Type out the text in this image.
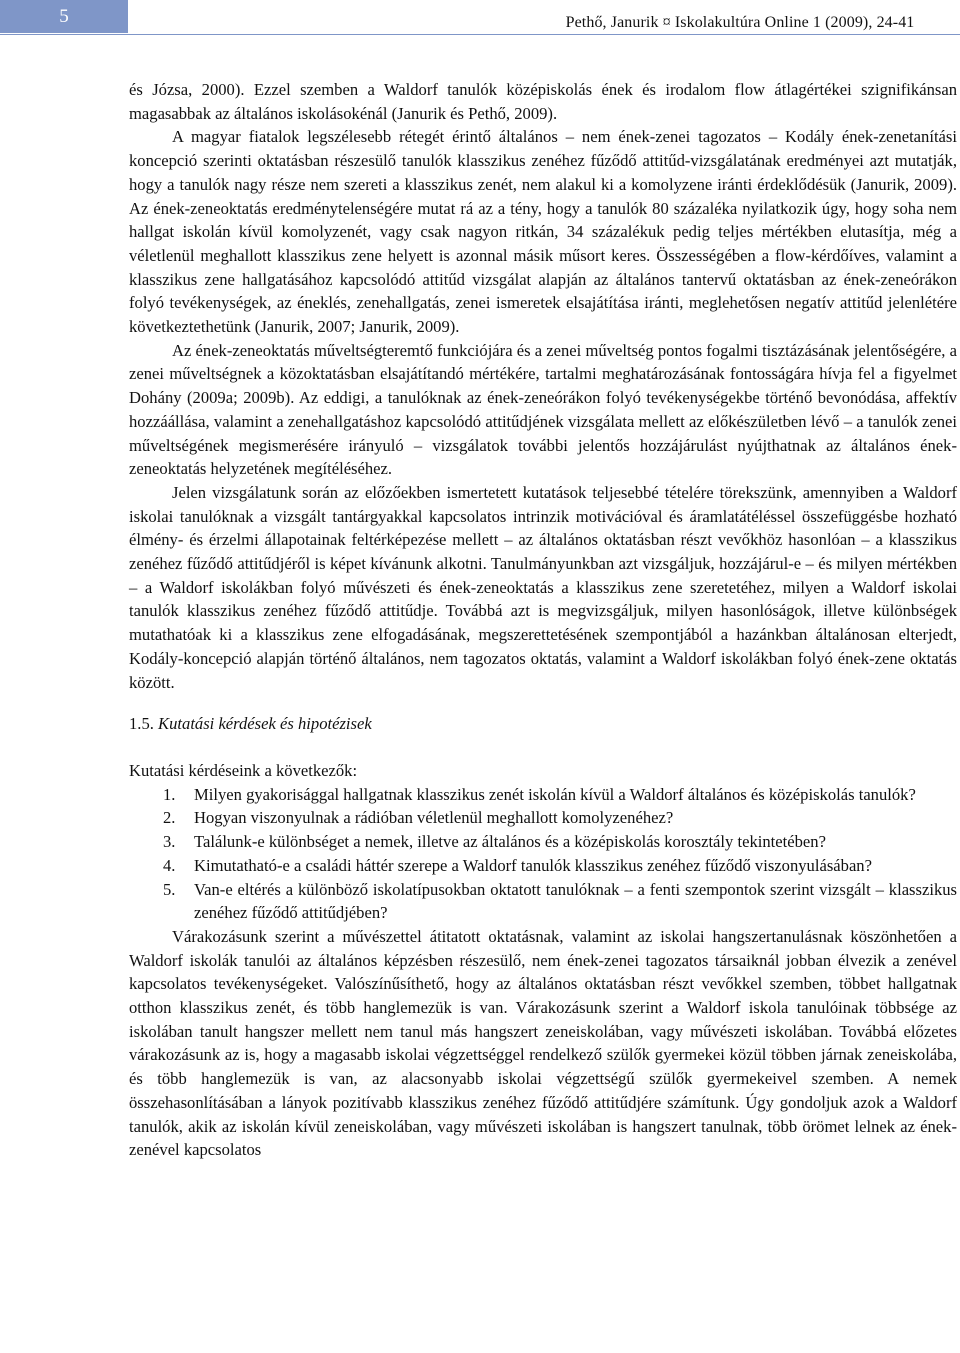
5	Pethő, Janurik ¤ Iskolakultúra Online 1 (2009), 24-41

és Józsa, 2000). Ezzel szemben a Waldorf tanulók középiskolás ének és irodalom flow átlagértékei szignifikánsan magasabbak az általános iskolásokénál (Janurik és Pethő, 2009).

A magyar fiatalok legszélesebb rétegét érintő általános – nem ének-zenei tagozatos – Kodály ének-zenetanítási koncepció szerinti oktatásban részesülő tanulók klasszikus zenéhez fűződő attitűd-vizsgálatának eredményei azt mutatják, hogy a tanulók nagy része nem szereti a klasszikus zenét, nem alakul ki a komolyzene iránti érdeklődésük (Janurik, 2009). Az ének-zeneoktatás eredménytelenségére mutat rá az a tény, hogy a tanulók 80 százaléka nyilatkozik úgy, hogy soha nem hallgat iskolán kívül komolyzenét, vagy csak nagyon ritkán, 34 százalékuk pedig teljes mértékben elutasítja, még a véletlenül meghallott klasszikus zene helyett is azonnal másik műsort keres. Összességében a flow-kérdőíves, valamint a klasszikus zene hallgatásához kapcsolódó attitűd vizsgálat alapján az általános tantervű oktatásban az ének-zeneórákon folyó tevékenységek, az éneklés, zenehallgatás, zenei ismeretek elsajátítása iránti, meglehetősen negatív attitűd jelenlétére következtethetünk (Janurik, 2007; Janurik, 2009).

Az ének-zeneoktatás műveltségteremtő funkciójára és a zenei műveltség pontos fogalmi tisztázásának jelentőségére, a zenei műveltségnek a közoktatásban elsajátítandó mértékére, tartalmi meghatározásának fontosságára hívja fel a figyelmet Dohány (2009a; 2009b). Az eddigi, a tanulóknak az ének-zeneórákon folyó tevékenységekbe történő bevonódása, affektív hozzáállása, valamint a zenehallgatáshoz kapcsolódó attitűdjének vizsgálata mellett az előkészületben lévő – a tanulók zenei műveltségének megismerésére irányuló – vizsgálatok további jelentős hozzájárulást nyújthatnak az általános ének-zeneoktatás helyzetének megítéléséhez.

Jelen vizsgálatunk során az előzőekben ismertetett kutatások teljesebbé tételére törekszünk, amennyiben a Waldorf iskolai tanulóknak a vizsgált tantárgyakkal kapcsolatos intrinzik motivációval és áramlatátéléssel összefüggésbe hozható élmény- és érzelmi állapotainak feltérképezése mellett – az általános oktatásban részt vevőkhöz hasonlóan – a klasszikus zenéhez fűződő attitűdjéről is képet kívánunk alkotni. Tanulmányunkban azt vizsgáljuk, hozzájárul-e – és milyen mértékben – a Waldorf iskolákban folyó művészeti és ének-zeneoktatás a klasszikus zene szeretetéhez, milyen a Waldorf iskolai tanulók klasszikus zenéhez fűződő attitűdje. Továbbá azt is megvizsgáljuk, milyen hasonlóságok, illetve különbségek mutathatóak ki a klasszikus zene elfogadásának, megszerettetésének szempontjából a hazánkban általánosan elterjedt, Kodály-koncepció alapján történő általános, nem tagozatos oktatás, valamint a Waldorf iskolákban folyó ének-zene oktatás között.

1.5. Kutatási kérdések és hipotézisek

Kutatási kérdéseink a következők:

1. Milyen gyakorisággal hallgatnak klasszikus zenét iskolán kívül a Waldorf általános és középiskolás tanulók?
2. Hogyan viszonyulnak a rádióban véletlenül meghallott komolyzenéhez?
3. Találunk-e különbséget a nemek, illetve az általános és a középiskolás korosztály tekintetében?
4. Kimutatható-e a családi háttér szerepe a Waldorf tanulók klasszikus zenéhez fűződő viszonyulásában?
5. Van-e eltérés a különböző iskolatípusokban oktatott tanulóknak – a fenti szempontok szerint vizsgált – klasszikus zenéhez fűződő attitűdjében?

Várakozásunk szerint a művészettel átitatott oktatásnak, valamint az iskolai hangszertanulásnak köszönhetően a Waldorf iskolák tanulói az általános képzésben részesülő, nem ének-zenei tagozatos társaiknál jobban élvezik a zenével kapcsolatos tevékenységeket. Valószínűsíthető, hogy az általános oktatásban részt vevőkkel szemben, többet hallgatnak otthon klasszikus zenét, és több hanglemezük is van. Várakozásunk szerint a Waldorf iskola tanulóinak többsége az iskolában tanult hangszer mellett nem tanul más hangszert zeneiskolában, vagy művészeti iskolában. Továbbá előzetes várakozásunk az is, hogy a magasabb iskolai végzettséggel rendelkező szülők gyermekei közül többen járnak zeneiskolába, és több hanglemezük is van, az alacsonyabb iskolai végzettségű szülők gyermekeivel szemben. A nemek összehasonlításában a lányok pozitívabb klasszikus zenéhez fűződő attitűdjére számítunk. Úgy gondoljuk azok a Waldorf tanulók, akik az iskolán kívül zeneiskolában, vagy művészeti iskolában is hangszert tanulnak, több örömet lelnek az ének-zenével kapcsolatos
